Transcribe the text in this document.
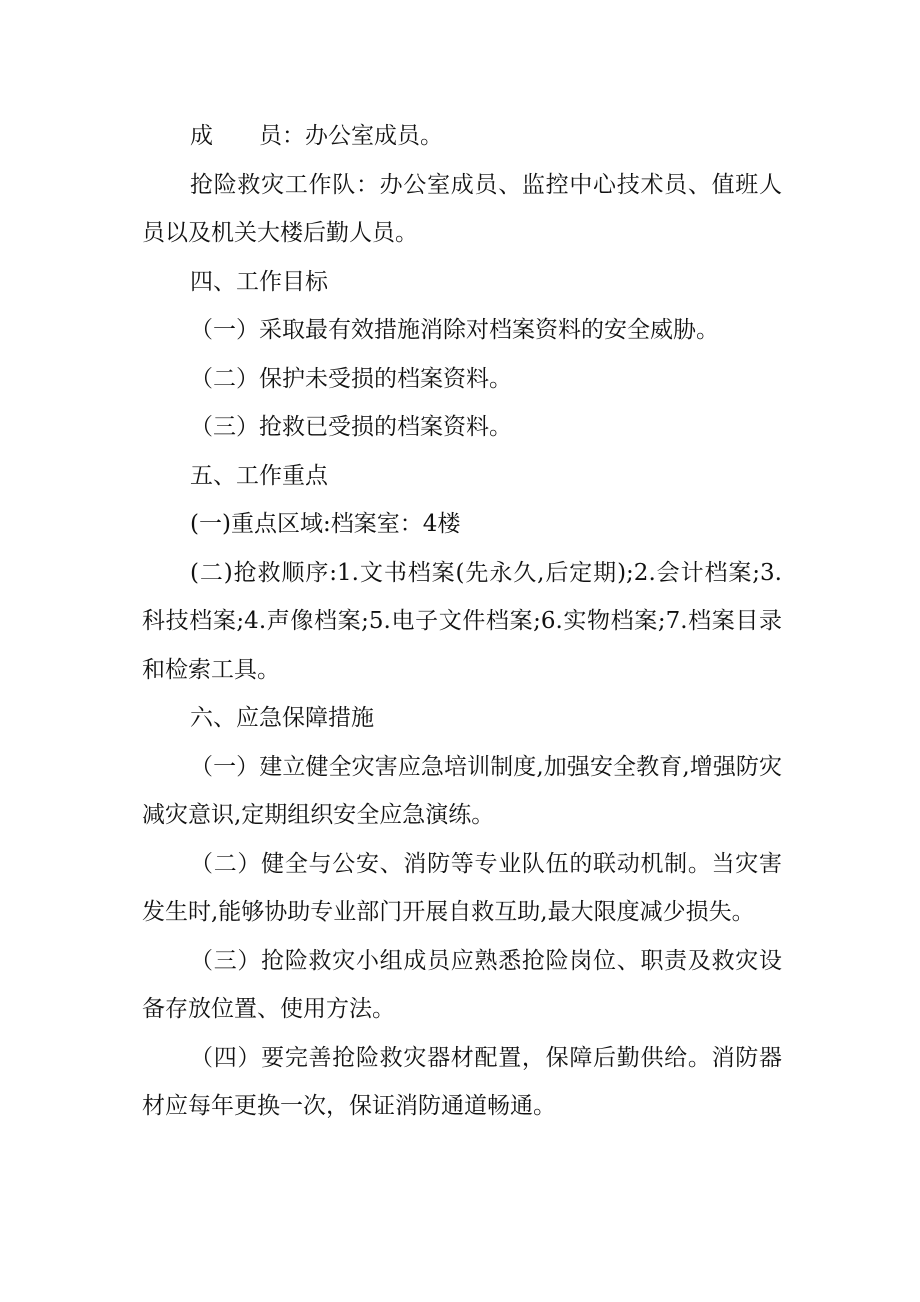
成　　员：办公室成员。

抢险救灾工作队：办公室成员、监控中心技术员、值班人员以及机关大楼后勤人员。

四、工作目标

（一）采取最有效措施消除对档案资料的安全威胁。

（二）保护未受损的档案资料。

（三）抢救已受损的档案资料。

五、工作重点

(一)重点区域:档案室：4楼

(二)抢救顺序:1.文书档案(先永久,后定期);2.会计档案;3.科技档案;4.声像档案;5.电子文件档案;6.实物档案;7.档案目录和检索工具。

六、应急保障措施

（一）建立健全灾害应急培训制度,加强安全教育,增强防灾减灾意识,定期组织安全应急演练。

（二）健全与公安、消防等专业队伍的联动机制。当灾害发生时,能够协助专业部门开展自救互助,最大限度减少损失。

（三）抢险救灾小组成员应熟悉抢险岗位、职责及救灾设备存放位置、使用方法。

（四）要完善抢险救灾器材配置，保障后勤供给。消防器材应每年更换一次，保证消防通道畅通。
